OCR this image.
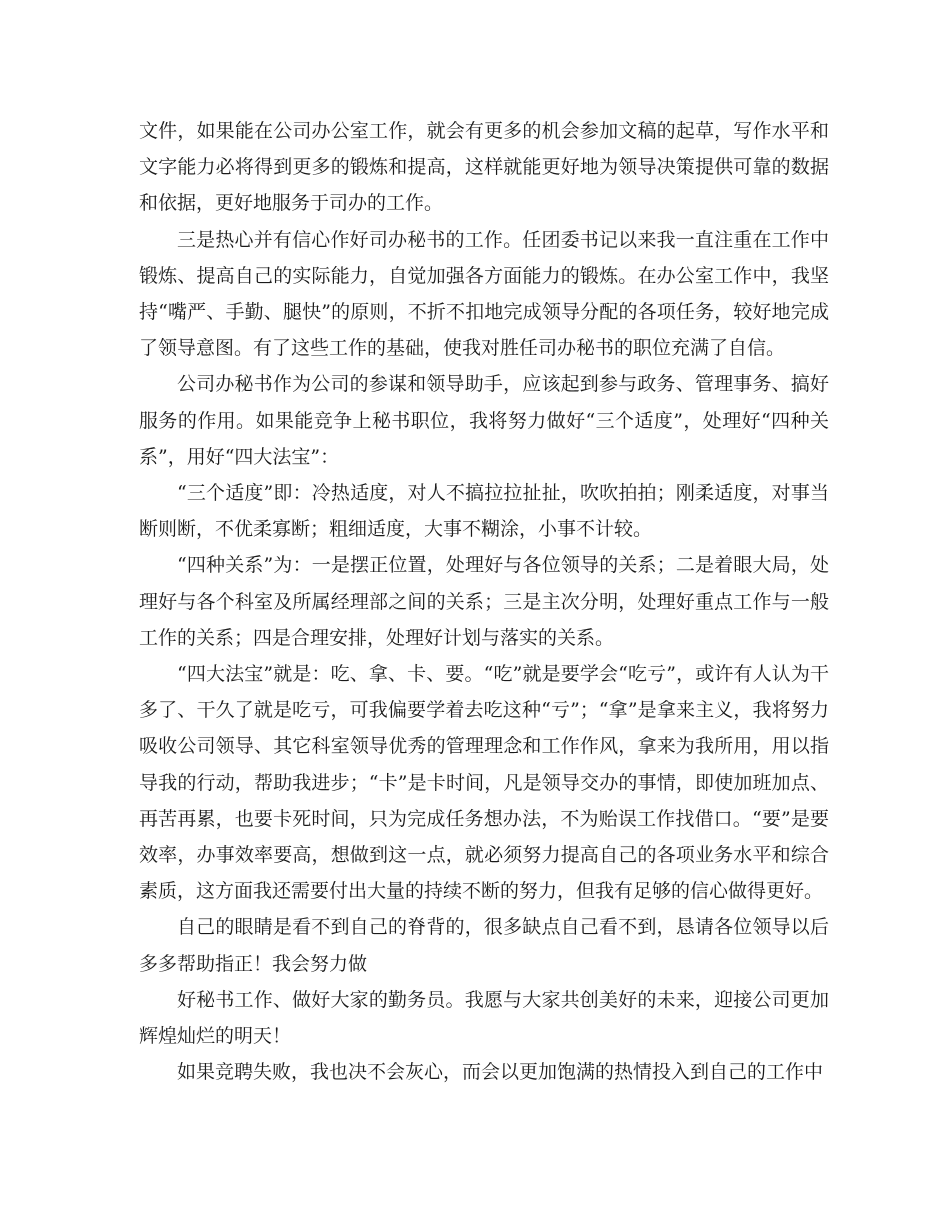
文件，如果能在公司办公室工作，就会有更多的机会参加文稿的起草，写作水平和文字能力必将得到更多的锻炼和提高，这样就能更好地为领导决策提供可靠的数据和依据，更好地服务于司办的工作。

三是热心并有信心作好司办秘书的工作。任团委书记以来我一直注重在工作中锻炼、提高自己的实际能力，自觉加强各方面能力的锻炼。在办公室工作中，我坚持“嘴严、手勤、腿快”的原则，不折不扣地完成领导分配的各项任务，较好地完成了领导意图。有了这些工作的基础，使我对胜任司办秘书的职位充满了自信。

公司办秘书作为公司的参谋和领导助手，应该起到参与政务、管理事务、搞好服务的作用。如果能竞争上秘书职位，我将努力做好“三个适度”，处理好“四种关系”，用好“四大法宝”：

“三个适度”即：冷热适度，对人不搞拉拉扯扯，吹吹拍拍；刚柔适度，对事当断则断，不优柔寡断；粗细适度，大事不糊涂，小事不计较。

“四种关系”为：一是摆正位置，处理好与各位领导的关系；二是着眼大局，处理好与各个科室及所属经理部之间的关系；三是主次分明，处理好重点工作与一般工作的关系；四是合理安排，处理好计划与落实的关系。

“四大法宝”就是：吃、拿、卡、要。“吃”就是要学会“吃亏”，或许有人认为干多了、干久了就是吃亏，可我偏要学着去吃这种“亏”；“拿”是拿来主义，我将努力吸收公司领导、其它科室领导优秀的管理理念和工作作风，拿来为我所用，用以指导我的行动，帮助我进步；“卡”是卡时间，凡是领导交办的事情，即使加班加点、再苦再累，也要卡死时间，只为完成任务想办法，不为贻误工作找借口。“要”是要效率，办事效率要高，想做到这一点，就必须努力提高自己的各项业务水平和综合素质，这方面我还需要付出大量的持续不断的努力，但我有足够的信心做得更好。

自己的眼睛是看不到自己的脊背的，很多缺点自己看不到，恳请各位领导以后多多帮助指正！我会努力做

好秘书工作、做好大家的勤务员。我愿与大家共创美好的未来，迎接公司更加辉煌灿烂的明天！

如果竞聘失败，我也决不会灰心，而会以更加饱满的热情投入到自己的工作中
